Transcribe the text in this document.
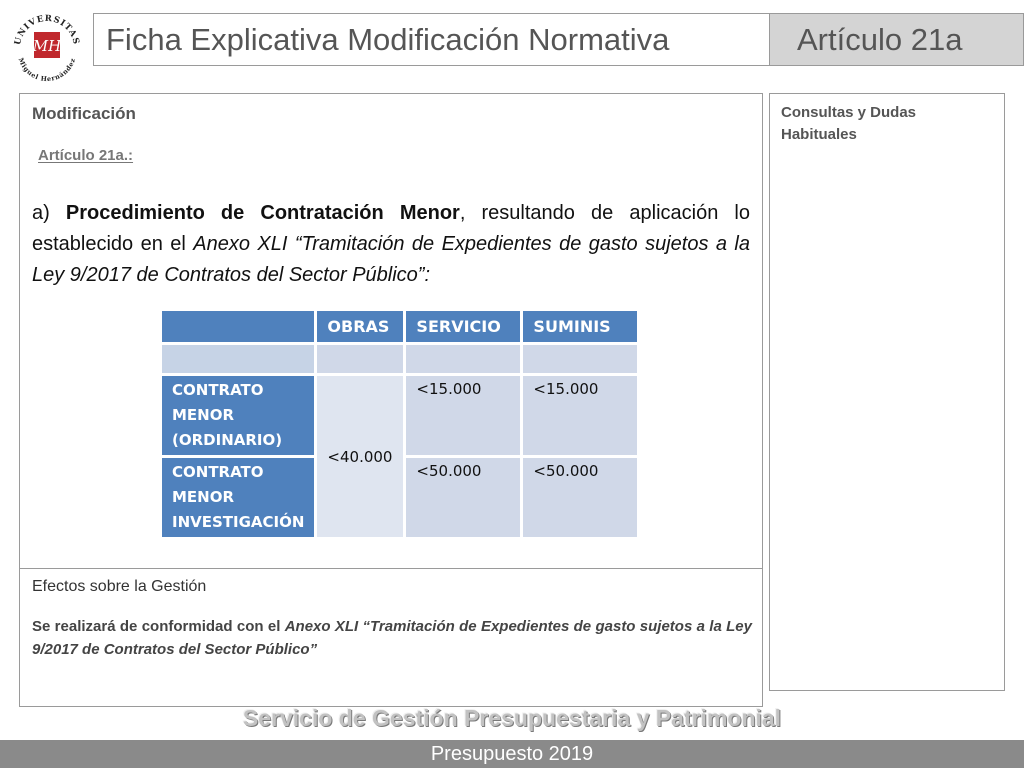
UNIVERSITAS
Miguel Hernández
MH Ficha Explicativa Modificación Normativa	Artículo 21a
Modificación
Artículo 21a.:
a) Procedimiento de Contratación Menor, resultando de aplicación lo establecido en el Anexo XLI “Tramitación de Expedientes de gasto sujetos a la Ley 9/2017 de Contratos del Sector Público”:
	OBRAS	SERVICIO	SUMINIS

CONTRATO MENOR (ORDINARIO)	<40.000	<15.000	<15.000
CONTRATO MENOR INVESTIGACIÓN		<50.000	<50.000
Efectos sobre la Gestión
Se realizará de conformidad con el Anexo XLI “Tramitación de Expedientes de gasto sujetos a la Ley 9/2017 de Contratos del Sector Público”
Consultas y Dudas Habituales
Servicio de Gestión Presupuestaria y Patrimonial
Presupuesto 2019
